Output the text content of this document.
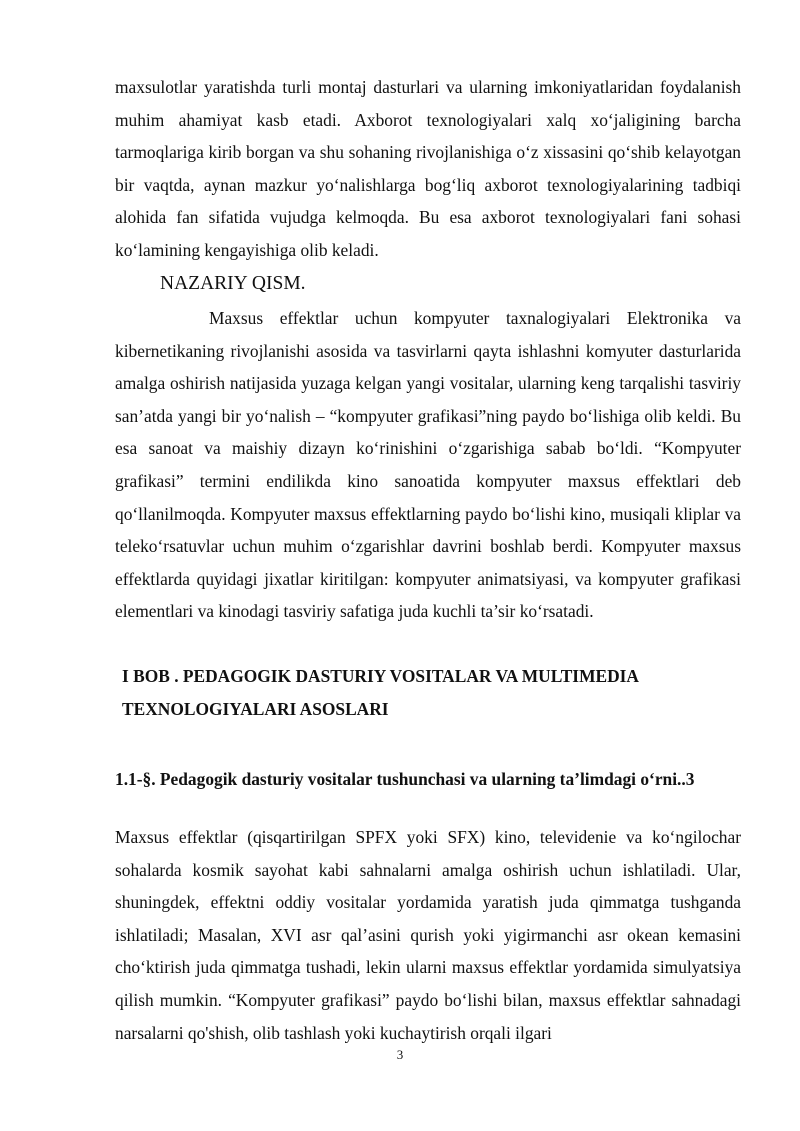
maxsulotlar yaratishda turli montaj dasturlari va ularning imkoniyatlaridan foydalanish muhim ahamiyat kasb etadi. Axborot texnologiyalari xalq xo‘jaligining barcha tarmoqlariga kirib borgan va shu sohaning rivojlanishiga o‘z xissasini qo‘shib kelayotgan bir vaqtda, aynan mazkur yo‘nalishlarga bog‘liq axborot texnologiyalarining tadbiqi alohida fan sifatida vujudga kelmoqda. Bu esa axborot texnologiyalari fani sohasi ko‘lamining kengayishiga olib keladi.

NAZARIY QISM.

Maxsus effektlar uchun kompyuter taxnalogiyalari Elektronika va kibernetikaning rivojlanishi asosida va tasvirlarni qayta ishlashni komyuter dasturlarida amalga oshirish natijasida yuzaga kelgan yangi vositalar, ularning keng tarqalishi tasviriy san’atda yangi bir yo‘nalish – “kompyuter grafikasi”ning paydo bo‘lishiga olib keldi. Bu esa sanoat va maishiy dizayn ko‘rinishini o‘zgarishiga sabab bo‘ldi. “Kompyuter grafikasi” termini endilikda kino sanoatida kompyuter maxsus effektlari deb qo‘llanilmoqda. Kompyuter maxsus effektlarning paydo bo‘lishi kino, musiqali kliplar va teleko‘rsatuvlar uchun muhim o‘zgarishlar davrini boshlab berdi. Kompyuter maxsus effektlarda quyidagi jixatlar kiritilgan: kompyuter animatsiyasi, va kompyuter grafikasi elementlari va kinodagi tasviriy safatiga juda kuchli ta’sir ko‘rsatadi.

I BOB . PEDAGOGIK DASTURIY VOSITALAR VA MULTIMEDIA TEXNOLOGIYALARI ASOSLARI
1.1-§. Pedagogik dasturiy vositalar tushunchasi va ularning ta’limdagi o‘rni..3

Maxsus effektlar (qisqartirilgan SPFX yoki SFX) kino, televidenie va ko‘ngilochar sohalarda kosmik sayohat kabi sahnalarni amalga oshirish uchun ishlatiladi. Ular, shuningdek, effektni oddiy vositalar yordamida yaratish juda qimmatga tushganda ishlatiladi; Masalan, XVI asr qal’asini qurish yoki yigirmanchi asr okean kemasini cho‘ktirish juda qimmatga tushadi, lekin ularni maxsus effektlar yordamida simulyatsiya qilish mumkin. “Kompyuter grafikasi” paydo bo‘lishi bilan, maxsus effektlar sahnadagi narsalarni qo'shish, olib tashlash yoki kuchaytirish orqali ilgari

3
